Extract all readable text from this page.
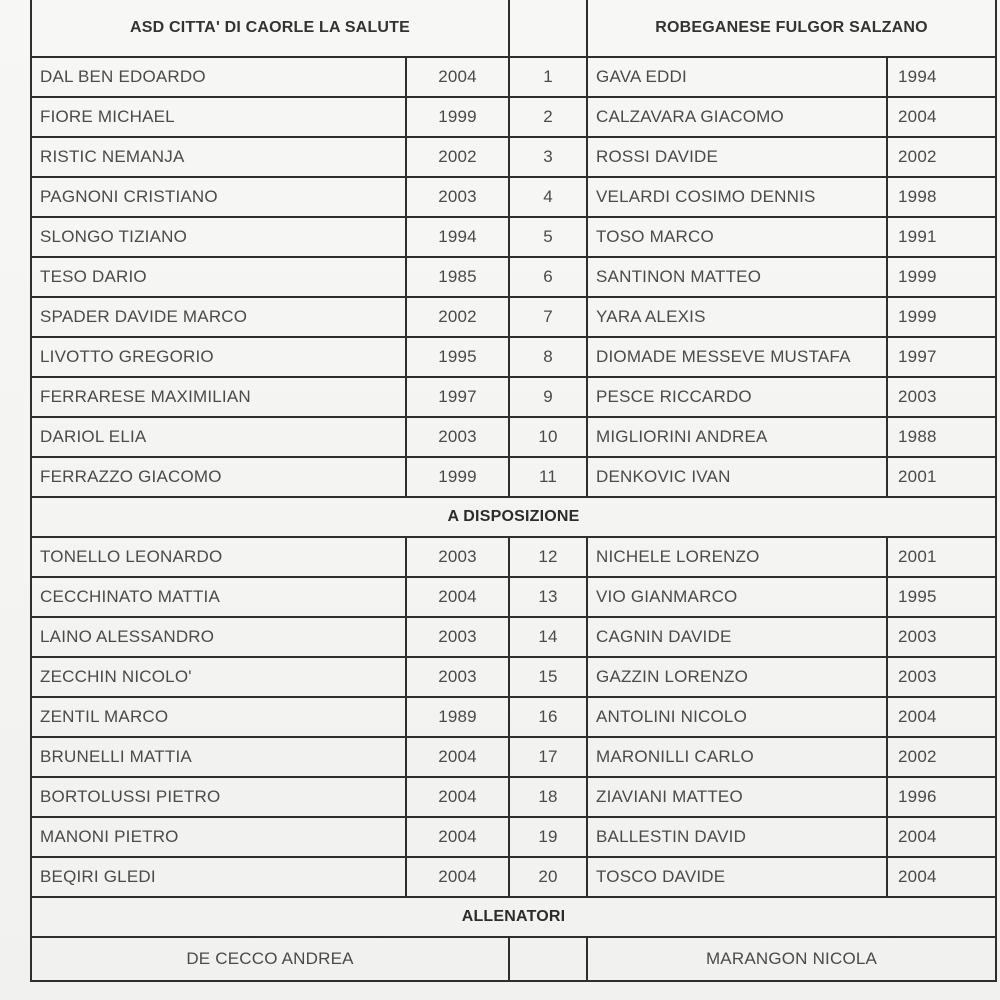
ASD CITTA' DI CAORLE LA SALUTE			ROBEGANESE FULGOR SALZANO	
DAL BEN EDOARDO	2004	1	GAVA EDDI	1994
FIORE MICHAEL	1999	2	CALZAVARA GIACOMO	2004
RISTIC NEMANJA	2002	3	ROSSI DAVIDE	2002
PAGNONI CRISTIANO	2003	4	VELARDI COSIMO DENNIS	1998
SLONGO TIZIANO	1994	5	TOSO MARCO	1991
TESO DARIO	1985	6	SANTINON MATTEO	1999
SPADER DAVIDE MARCO	2002	7	YARA ALEXIS	1999
LIVOTTO GREGORIO	1995	8	DIOMADE MESSEVE MUSTAFA	1997
FERRARESE MAXIMILIAN	1997	9	PESCE RICCARDO	2003
DARIOL ELIA	2003	10	MIGLIORINI ANDREA	1988
FERRAZZO GIACOMO	1999	11	DENKOVIC IVAN	2001
A DISPOSIZIONE				
TONELLO LEONARDO	2003	12	NICHELE LORENZO	2001
CECCHINATO MATTIA	2004	13	VIO GIANMARCO	1995
LAINO ALESSANDRO	2003	14	CAGNIN DAVIDE	2003
ZECCHIN NICOLO'	2003	15	GAZZIN LORENZO	2003
ZENTIL MARCO	1989	16	ANTOLINI NICOLO	2004
BRUNELLI MATTIA	2004	17	MARONILLI CARLO	2002
BORTOLUSSI PIETRO	2004	18	ZIAVIANI MATTEO	1996
MANONI PIETRO	2004	19	BALLESTIN DAVID	2004
BEQIRI GLEDI	2004	20	TOSCO DAVIDE	2004
ALLENATORI				
DE CECCO ANDREA			MARANGON NICOLA	
